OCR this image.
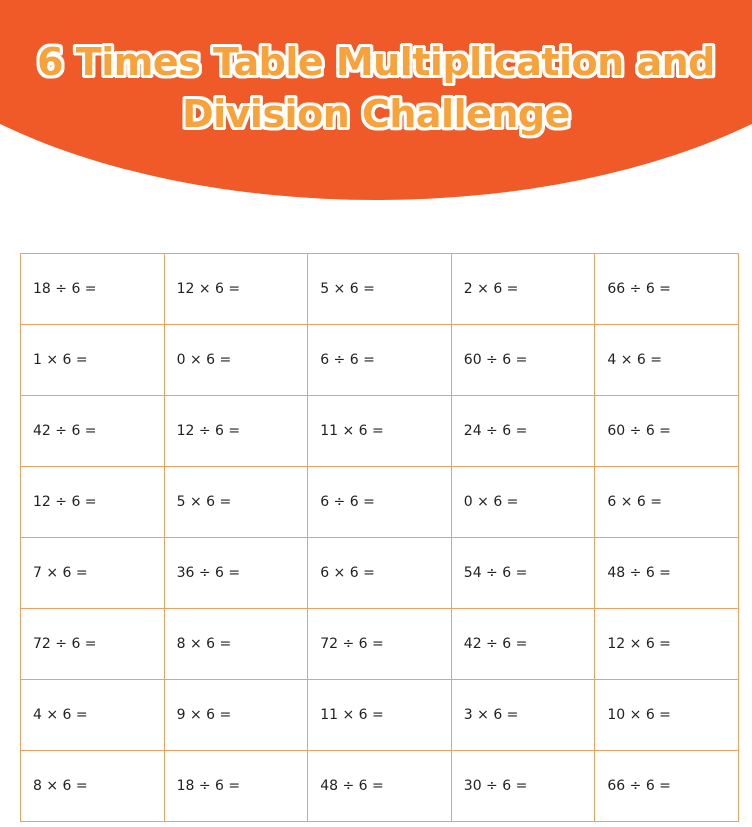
6 Times Table Multiplication and
Division Challenge
18 ÷ 6 =	12 × 6 =	5 × 6 =	2 × 6 =	66 ÷ 6 =
1 × 6 =	0 × 6 =	6 ÷ 6 =	60 ÷ 6 =	4 × 6 =
42 ÷ 6 =	12 ÷ 6 =	11 × 6 =	24 ÷ 6 =	60 ÷ 6 =
12 ÷ 6 =	5 × 6 =	6 ÷ 6 =	0 × 6 =	6 × 6 =
7 × 6 =	36 ÷ 6 =	6 × 6 =	54 ÷ 6 =	48 ÷ 6 =
72 ÷ 6 =	8 × 6 =	72 ÷ 6 =	42 ÷ 6 =	12 × 6 =
4 × 6 =	9 × 6 =	11 × 6 =	3 × 6 =	10 × 6 =
8 × 6 =	18 ÷ 6 =	48 ÷ 6 =	30 ÷ 6 =	66 ÷ 6 =
